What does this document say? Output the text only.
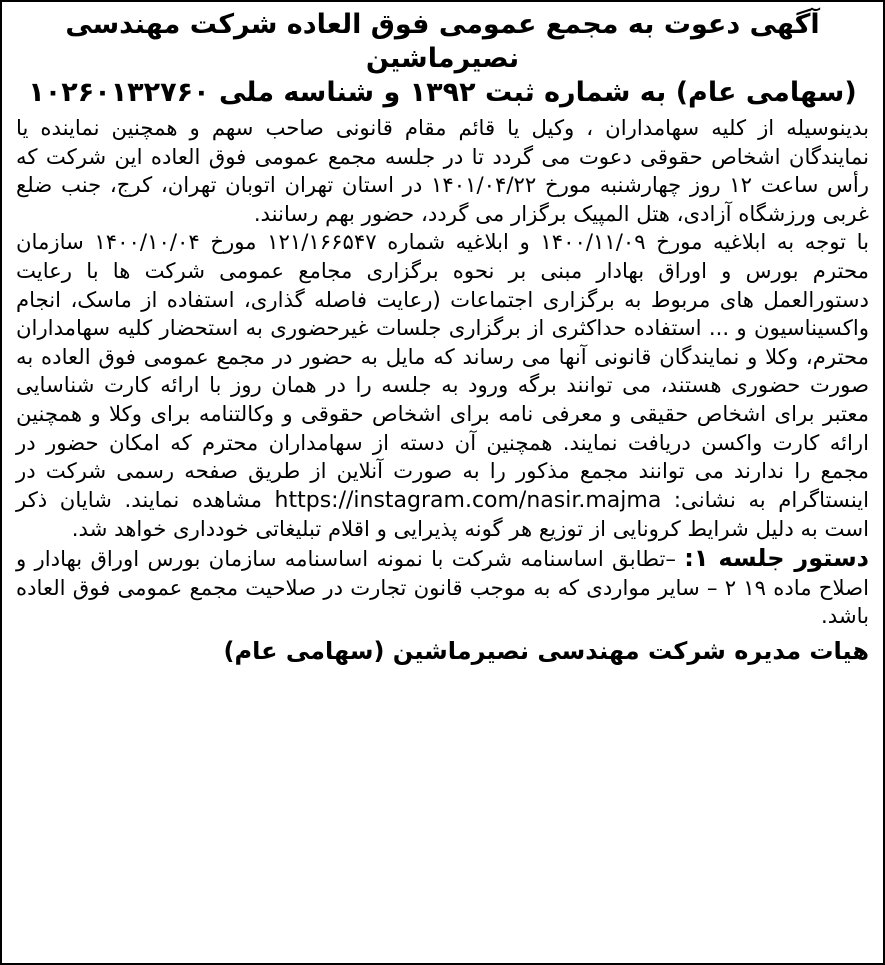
آگهی دعوت به مجمع عمومی فوق العاده شرکت مهندسی نصیرماشین
(سهامی عام) به شماره ثبت ۱۳۹۲ و شناسه ملی ۱۰۲۶۰۱۳۲۷۶۰

بدینوسیله از کلیه سهامداران ، وکیل یا قائم مقام قانونی صاحب سهم و همچنین نماینده یا نمایندگان اشخاص حقوقی دعوت می گردد تا در جلسه مجمع عمومی فوق العاده این شرکت که رأس ساعت ۱۲ روز چهارشنبه مورخ ۱۴۰۱/۰۴/۲۲ در استان تهران اتوبان تهران، کرج، جنب ضلع غربی ورزشگاه آزادی، هتل المپیک برگزار می گردد، حضور بهم رسانند.

با توجه به ابلاغیه مورخ ۱۴۰۰/۱۱/۰۹ و ابلاغیه شماره ۱۲۱/۱۶۶۵۴۷ مورخ ۱۴۰۰/۱۰/۰۴ سازمان محترم بورس و اوراق بهادار مبنی بر نحوه برگزاری مجامع عمومی شرکت ها با رعایت دستورالعمل های مربوط به برگزاری اجتماعات (رعایت فاصله گذاری، استفاده از ماسک، انجام واکسیناسیون و ... استفاده حداکثری از برگزاری جلسات غیرحضوری به استحضار کلیه سهامداران محترم، وکلا و نمایندگان قانونی آنها می رساند که مایل به حضور در مجمع عمومی فوق العاده به صورت حضوری هستند، می توانند برگه ورود به جلسه را در همان روز با ارائه کارت شناسایی معتبر برای اشخاص حقیقی و معرفی نامه برای اشخاص حقوقی و وکالتنامه برای وکلا و همچنین ارائه کارت واکسن دریافت نمایند. همچنین آن دسته از سهامداران محترم که امکان حضور در مجمع را ندارند می توانند مجمع مذکور را به صورت آنلاین از طریق صفحه رسمی شرکت در اینستاگرام به نشانی: https://instagram.com/nasir.majma مشاهده نمایند. شایان ذکر است به دلیل شرایط کرونایی از توزیع هر گونه پذیرایی و اقلام تبلیغاتی خودداری خواهد شد.

دستور جلسه ۱: –تطابق اساسنامه شرکت با نمونه اساسنامه سازمان بورس اوراق بهادار و اصلاح ماده ۱۹ ۲ – سایر مواردی که به موجب قانون تجارت در صلاحیت مجمع عمومی فوق العاده باشد.

هیات مدیره شرکت مهندسی نصیرماشین (سهامی عام)
